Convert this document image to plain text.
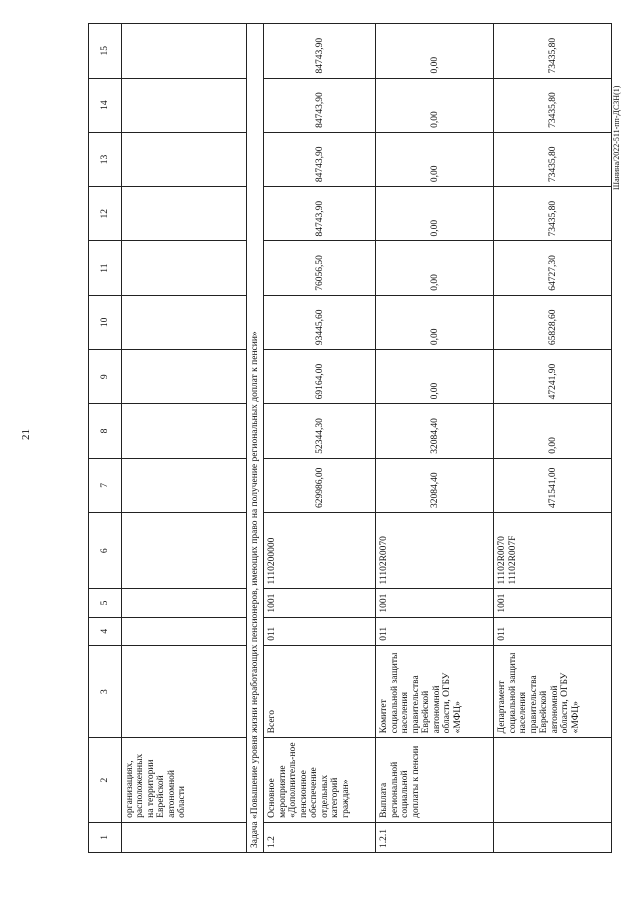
21
Шанина/2022-511-пп-ДСЗН(1)
1	2	3	4	5	6	7	8	9	10	11	12	13	14	15
	организациях, расположенных на территории Еврейской автономной области													
Задача «Повышение уровня жизни неработающих пенсионеров, имеющих право на получение региональных доплат к пенсии»														
1.2	Основное мероприятие «Дополнитель-ное пенсионное обеспечение отдельных категорий граждан»	Всего	011	1001	1110200000	629986,00	52344,30	69164,00	93445,60	76056,50	84743,90	84743,90	84743,90	84743,90
1.2.1	Выплата региональной социальной доплаты к пенсии	Комитет социальной защиты населения правительства Еврейской автономной области, ОГБУ «МФЦ»	011	1001	11102R0070	32084,40	32084,40	0,00	0,00	0,00	0,00	0,00	0,00	0,00
		Департамент социальной защиты населения правительства Еврейской автономной области, ОГБУ «МФЦ»	011	1001	11102R0070 11102R007F	471541,00	0,00	47241,90	65828,60	64727,30	73435,80	73435,80	73435,80	73435,80
